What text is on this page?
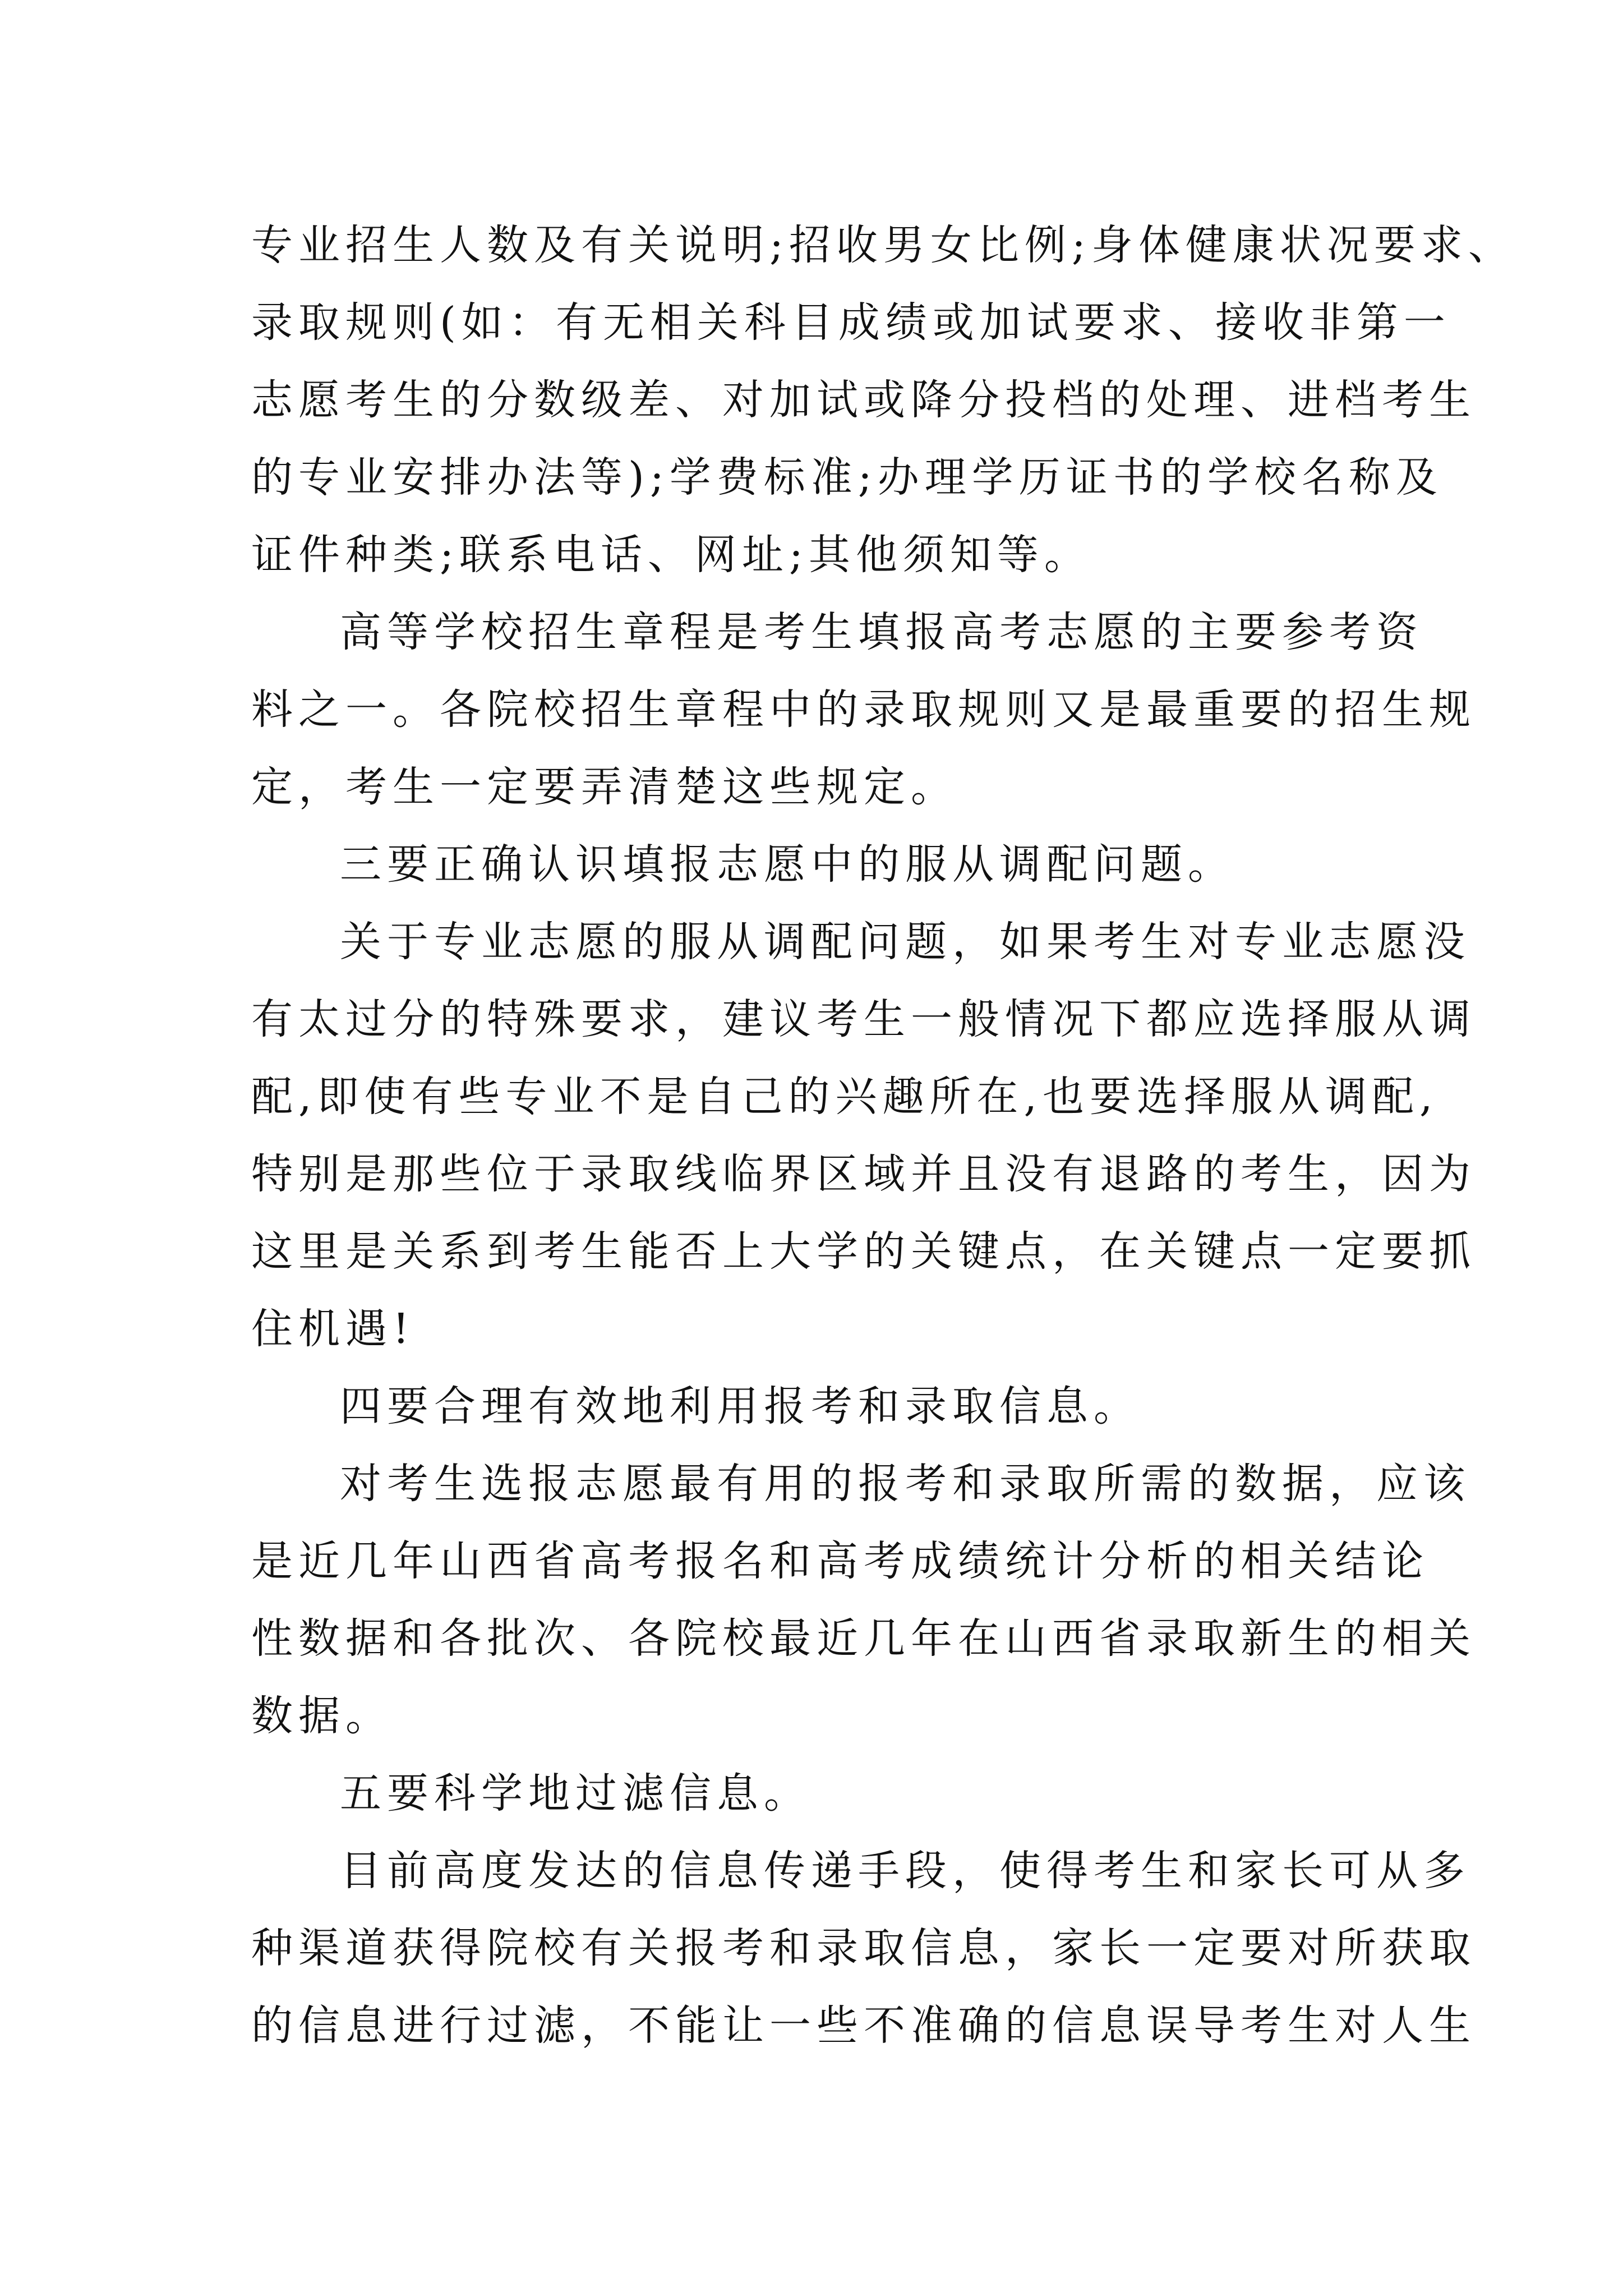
专业招生人数及有关说明;招收男女比例;身体健康状况要求、
录取规则(如：有无相关科目成绩或加试要求、接收非第一
志愿考生的分数级差、对加试或降分投档的处理、进档考生
的专业安排办法等);学费标准;办理学历证书的学校名称及
证件种类;联系电话、网址;其他须知等。
高等学校招生章程是考生填报高考志愿的主要参考资
料之一。各院校招生章程中的录取规则又是最重要的招生规
定，考生一定要弄清楚这些规定。
三要正确认识填报志愿中的服从调配问题。
关于专业志愿的服从调配问题，如果考生对专业志愿没
有太过分的特殊要求，建议考生一般情况下都应选择服从调
配,即使有些专业不是自己的兴趣所在,也要选择服从调配,
特别是那些位于录取线临界区域并且没有退路的考生，因为
这里是关系到考生能否上大学的关键点，在关键点一定要抓
住机遇!
四要合理有效地利用报考和录取信息。
对考生选报志愿最有用的报考和录取所需的数据，应该
是近几年山西省高考报名和高考成绩统计分析的相关结论
性数据和各批次、各院校最近几年在山西省录取新生的相关
数据。
五要科学地过滤信息。
目前高度发达的信息传递手段，使得考生和家长可从多
种渠道获得院校有关报考和录取信息，家长一定要对所获取
的信息进行过滤，不能让一些不准确的信息误导考生对人生
